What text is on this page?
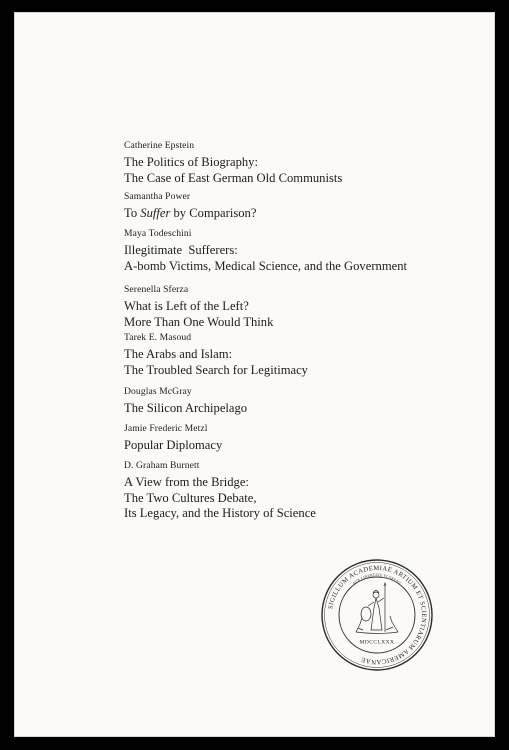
Catherine Epstein
The Politics of Biography:
The Case of East German Old Communists
Samantha Power
To Suffer by Comparison?
Maya Todeschini
Illegitimate  Sufferers:
A-bomb Victims, Medical Science, and the Government
Serenella Sferza
What is Left of the Left?
More Than One Would Think
Tarek E. Masoud
The Arabs and Islam:
The Troubled Search for Legitimacy
Douglas McGray
The Silicon Archipelago
Jamie Frederic Metzl
Popular Diplomacy
D. Graham Burnett
A View from the Bridge:
The Two Cultures Debate,
Its Legacy, and the History of Science
SIGILLUM ACADEMIAE ARTIUM ET SCIENTIARUM AMERICANAE
SUB LIBERTATE FLORENT
MDCCLXXX
